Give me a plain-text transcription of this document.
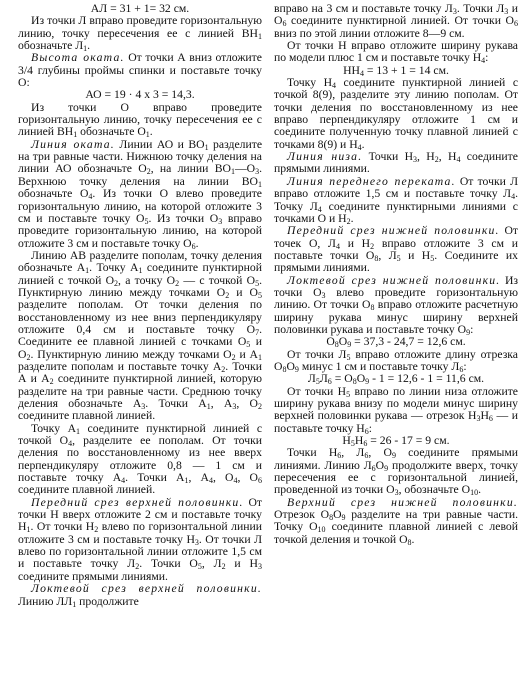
АЛ = 31 + 1= 32 см.

Из точки Л вправо проведите горизонтальную линию, точку пересечения ее с линией $ВН_1$ обозначьте $Л_1$.

Высота оката. От точки А вниз отложите 3/4 глубины проймы спинки и поставьте точку О:

АО = 19 · 4 х 3 = 14,3.

Из точки О вправо проведите горизонтальную линию, точку пересечения ее с линией $ВН_1$ обозначьте $О_1$.

Линия оката. Линии АО и $ВО_1$ разделите на три равные части. Нижнюю точку деления на линии АО обозначьте $О_2$, на линии $ВО_1—О_3$. Верхнюю точку деления на линии $ВО_1$ обозначьте $О_4$. Из точки О влево проведите горизонтальную линию, на которой отложите 3 см и поставьте точку $О_5$. Из точки $О_3$ вправо проведите горизонтальную линию, на которой отложите 3 см и поставьте точку $О_6$.

Линию АВ разделите пополам, точку деления обозначьте $А_1$. Точку $А_1$ соедините пунктирной линией с точкой $О_2$, а точку $О_2$ — с точкой $О_5$. Пунктирную линию между точками $О_2$ и $О_5$ разделите пополам. От точки деления по восстановленному из нее вниз перпендикуляру отложите 0,4 см и поставьте точку $О_7$. Соедините ее плавной линией с точками $О_5$ и $О_2$. Пунктирную линию между точками $О_2$ и $А_1$ разделите пополам и поставьте точку $А_2$. Точки А и $А_2$ соедините пунктирной линией, которую разделите на три равные части. Среднюю точку деления обозначьте $А_3$. Точки $А_1$, $А_3$, $О_2$ соедините плавной линией.

Точку $А_1$ соедините пунктирной линией с точкой $О_4$, разделите ее пополам. От точки деления по восстановленному из нее вверх перпендикуляру отложите 0,8 — 1 см и поставьте точку $А_4$. Точки $А_1$, $А_4$, $О_4$, $О_6$ соедините плавной линией.

Передний срез верхней половинки. От точки Н вверх отложите 2 см и поставьте точку $Н_1$. От точки $Н_2$ влево по горизонтальной линии отложите 3 см и поставьте точку $Н_3$. От точки Л влево по горизонтальной линии отложите 1,5 см и поставьте точку $Л_2$. Точки $О_5$, $Л_2$ и $Н_3$ соедините прямыми линиями.

Локтевой срез верхней половинки. Линию $ЛЛ_1$ продолжите

вправо на 3 см и поставьте точку $Л_3$. Точки $Л_3$ и $О_6$ соедините пунктирной линией. От точки $О_6$ вниз по этой линии отложите 8—9 см.

От точки Н вправо отложите ширину рукава по модели плюс 1 см и поставьте точку $Н_4$:

$НН_4 = 13 + 1 = 14$ см.

Точку $Н_4$ соедините пунктирной линией с точкой 8(9), разделите эту линию пополам. От точки деления по восстановленному из нее вправо перпендикуляру отложите 1 см и соедините полученную точку плавной линией с точками 8(9) и $Н_4$.

Линия низа. Точки $Н_3$, $Н_2$, $Н_4$ соедините прямыми линиями.

Линия переднего переката. От точки Л вправо отложите 1,5 см и поставьте точку $Л_4$. Точку $Л_4$ соедините пунктирными линиями с точками О и $Н_2$.

Передний срез нижней половинки. От точек О, $Л_4$ и $Н_2$ вправо отложите 3 см и поставьте точки $О_8$, $Л_5$ и $Н_5$. Соедините их прямыми линиями.

Локтевой срез нижней половинки. Из точки $О_3$ влево проведите горизонтальную линию. От точки $О_8$ вправо отложите расчетную ширину рукава минус ширину верхней половинки рукава и поставьте точку $О_9$:

$О_8О_9 = 37,3 - 24,7 = 12,6$ см.

От точки $Л_5$ вправо отложите длину отрезка $О_8О_9$ минус 1 см и поставьте точку $Л_6$:

$Л_5Л_6 = О_8О_9 - 1 = 12,6 - 1 = 11,6$ см.

От точки $Н_5$ вправо по линии низа отложите ширину рукава внизу по модели минус ширину верхней половинки рукава — отрезок $Н_3Н_6$ — и поставьте точку $Н_6$:

$Н_5Н_6 = 26 - 17 = 9$ см.

Точки $Н_6$, $Л_6$, $О_9$ соедините прямыми линиями. Линию $Л_6О_9$ продолжите вверх, точку пересечения ее с горизонтальной линией, проведенной из точки $О_3$, обозначьте $О_{10}$.

Верхний срез нижней половинки. Отрезок $О_8О_9$ разделите на три равные части. Точку $О_{10}$ соедините плавной линией с левой точкой деления и точкой $О_8$.
